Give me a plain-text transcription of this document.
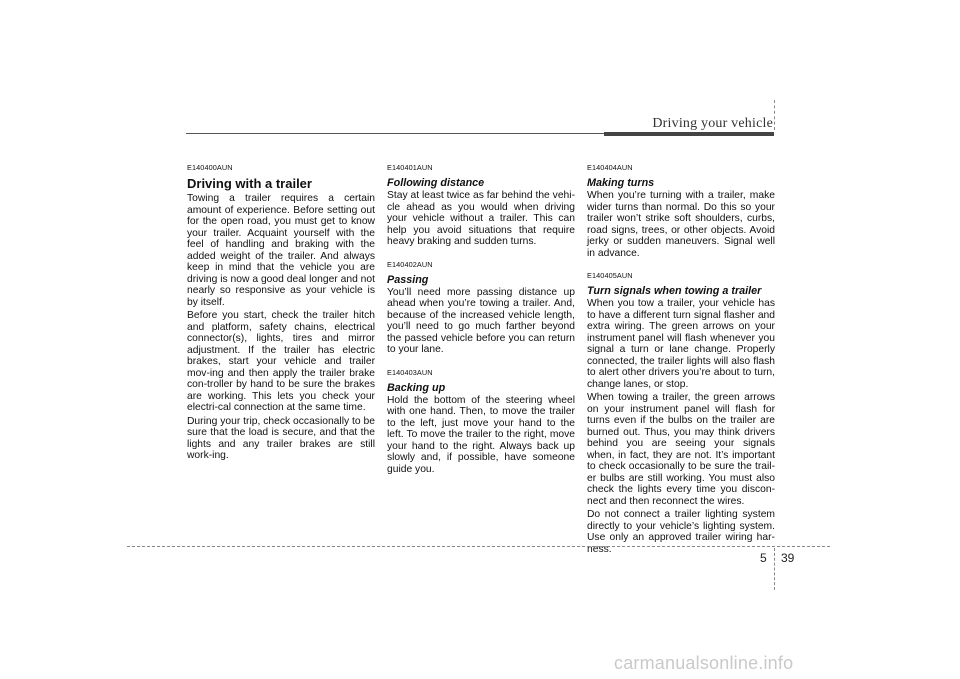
Driving your vehicle
E140400AUN
Driving with a trailer

Towing a trailer requires a certain amount of experience. Before setting out for the open road, you must get to know your trailer. Acquaint yourself with the feel of handling and braking with the added weight of the trailer. And always keep in mind that the vehicle you are driving is now a good deal longer and not nearly so responsive as your vehicle is by itself.

Before you start, check the trailer hitch and platform, safety chains, electrical connector(s), lights, tires and mirror adjustment. If the trailer has electric brakes, start your vehicle and trailer mov-ing and then apply the trailer brake con-troller by hand to be sure the brakes are working. This lets you check your electri-cal connection at the same time.

During your trip, check occasionally to be sure that the load is secure, and that the lights and any trailer brakes are still work-ing.

E140401AUN
Following distance

Stay at least twice as far behind the vehi-cle ahead as you would when driving your vehicle without a trailer. This can help you avoid situations that require heavy braking and sudden turns.

E140402AUN
Passing

You’ll need more passing distance up ahead when you’re towing a trailer. And, because of the increased vehicle length, you’ll need to go much farther beyond the passed vehicle before you can return to your lane.

E140403AUN
Backing up

Hold the bottom of the steering wheel with one hand. Then, to move the trailer to the left, just move your hand to the left. To move the trailer to the right, move your hand to the right. Always back up slowly and, if possible, have someone guide you.

E140404AUN
Making turns

When you’re turning with a trailer, make wider turns than normal. Do this so your trailer won’t strike soft shoulders, curbs, road signs, trees, or other objects. Avoid jerky or sudden maneuvers. Signal well in advance.

E140405AUN
Turn signals when towing a trailer

When you tow a trailer, your vehicle has to have a different turn signal flasher and extra wiring. The green arrows on your instrument panel will flash whenever you signal a turn or lane change. Properly connected, the trailer lights will also flash to alert other drivers you’re about to turn, change lanes, or stop.

When towing a trailer, the green arrows on your instrument panel will flash for turns even if the bulbs on the trailer are burned out. Thus, you may think drivers behind you are seeing your signals when, in fact, they are not. It’s important to check occasionally to be sure the trail-er bulbs are still working. You must also check the lights every time you discon-nect and then reconnect the wires.

Do not connect a trailer lighting system directly to your vehicle’s lighting system. Use only an approved trailer wiring har-ness.

5 39
carmanualsonline.info
